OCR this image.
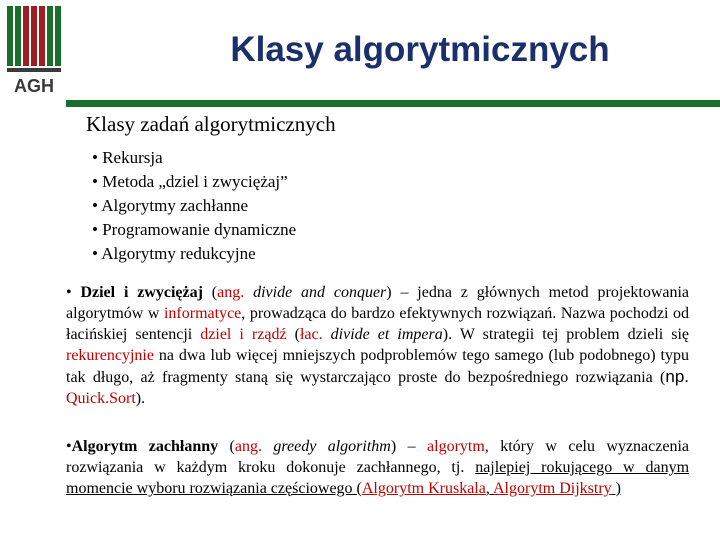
AGH
Klasy algorytmicznych
Klasy zadań algorytmicznych
• Rekursja
• Metoda „dziel i zwyciężaj”
• Algorytmy zachłanne
• Programowanie dynamiczne
• Algorytmy redukcyjne

• Dziel i zwyciężaj (ang. divide and conquer) – jedna z głównych metod projektowania algorytmów w informatyce, prowadząca do bardzo efektywnych rozwiązań. Nazwa pochodzi od łacińskiej sentencji dziel i rządź (łac. divide et impera). W strategii tej problem dzieli się rekurencyjnie na dwa lub więcej mniejszych podproblemów tego samego (lub podobnego) typu tak długo, aż fragmenty staną się wystarczająco proste do bezpośredniego rozwiązania (np. Quick.Sort).

•Algorytm zachłanny (ang. greedy algorithm) – algorytm, który w celu wyznaczenia rozwiązania w każdym kroku dokonuje zachłannego, tj. najlepiej rokującego w danym momencie wyboru rozwiązania częściowego (Algorytm Kruskala, Algorytm Dijkstry )
